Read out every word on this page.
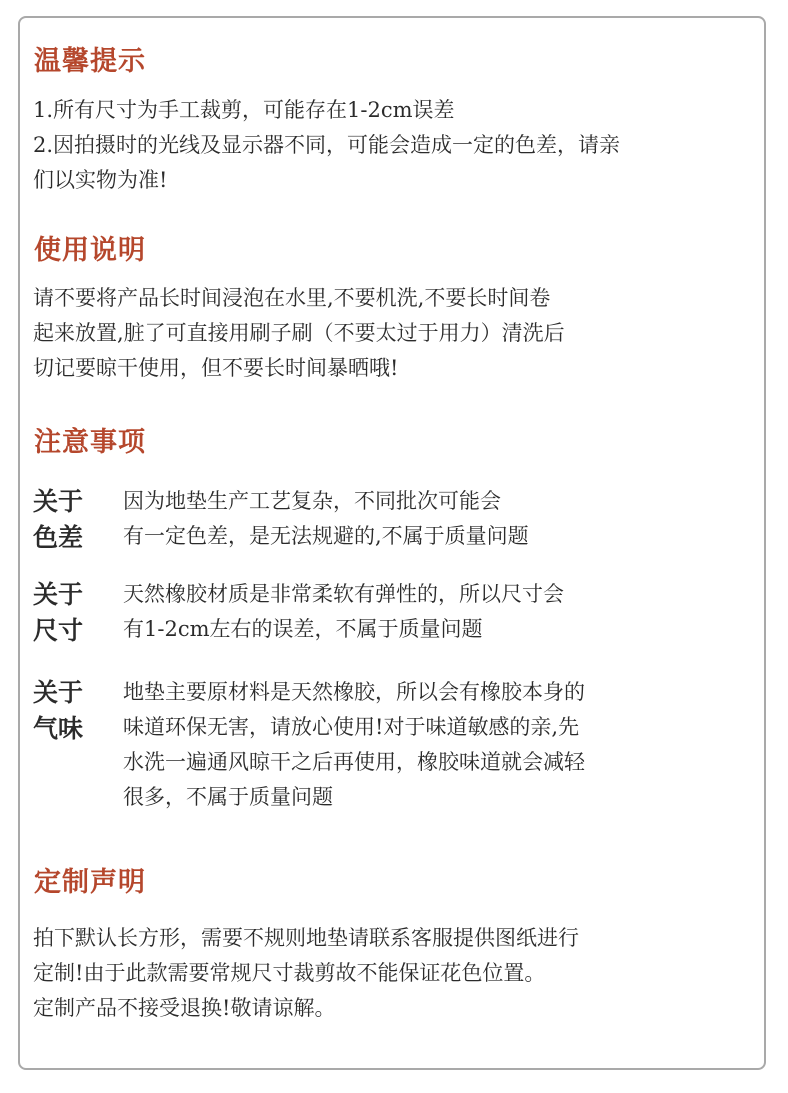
温馨提示
1.所有尺寸为手工裁剪，可能存在1-2cm误差
2.因拍摄时的光线及显示器不同，可能会造成一定的色差，请亲
们以实物为准!
使用说明
请不要将产品长时间浸泡在水里,不要机洗,不要长时间卷
起来放置,脏了可直接用刷子刷（不要太过于用力）清洗后
切记要晾干使用，但不要长时间暴晒哦!
注意事项
关于
色差
因为地垫生产工艺复杂，不同批次可能会
有一定色差，是无法规避的,不属于质量问题
关于
尺寸
天然橡胶材质是非常柔软有弹性的，所以尺寸会
有1-2cm左右的误差，不属于质量问题
关于
气味
地垫主要原材料是天然橡胶，所以会有橡胶本身的
味道环保无害，请放心使用!对于味道敏感的亲,先
水洗一遍通风晾干之后再使用，橡胶味道就会减轻
很多，不属于质量问题
定制声明
拍下默认长方形，需要不规则地垫请联系客服提供图纸进行
定制!由于此款需要常规尺寸裁剪故不能保证花色位置。
定制产品不接受退换!敬请谅解。
